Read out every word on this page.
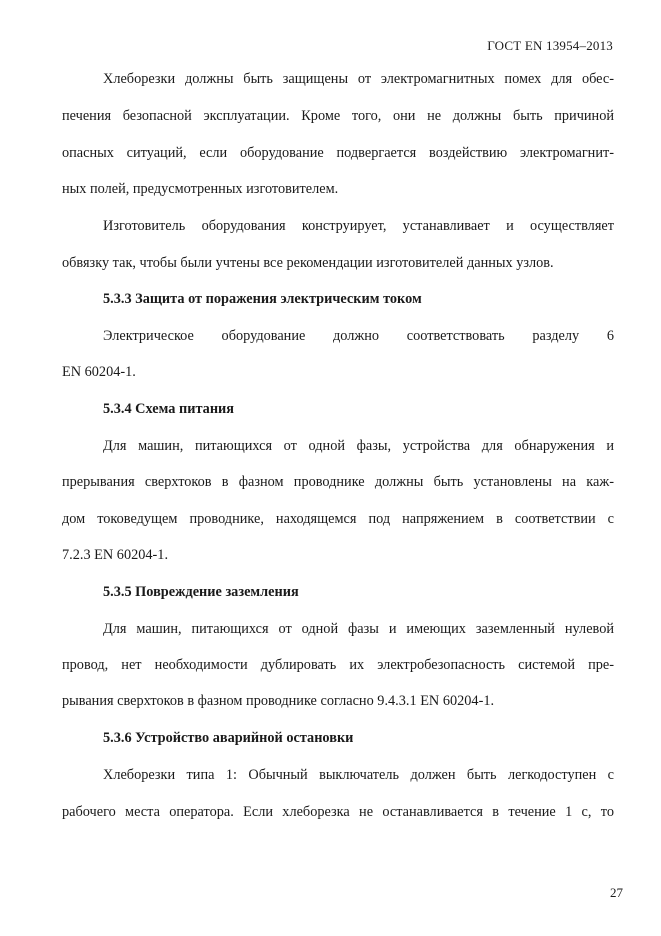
ГОСТ EN 13954–2013
Хлеборезки должны быть защищены от электромагнитных помех для обес-
печения безопасной эксплуатации. Кроме того, они не должны быть причиной
опасных ситуаций, если оборудование подвергается воздействию электромагнит-
ных полей, предусмотренных изготовителем.
Изготовитель оборудования конструирует, устанавливает и осуществляет
обвязку так, чтобы были учтены все рекомендации изготовителей данных узлов.
5.3.3 Защита от поражения электрическим током
Электрическое оборудование должно соответствовать разделу 6
EN 60204-1.
5.3.4 Схема питания
Для машин, питающихся от одной фазы, устройства для обнаружения и
прерывания сверхтоков в фазном проводнике должны быть установлены на каж-
дом токоведущем проводнике, находящемся под напряжением в соответствии с
7.2.3 EN 60204-1.
5.3.5 Повреждение заземления
Для машин, питающихся от одной фазы и имеющих заземленный нулевой
провод, нет необходимости дублировать их электробезопасность системой пре-
рывания сверхтоков в фазном проводнике согласно 9.4.3.1 EN 60204-1.
5.3.6 Устройство аварийной остановки
Хлеборезки типа 1: Обычный выключатель должен быть легкодоступен с
рабочего места оператора. Если хлеборезка не останавливается в течение 1 с, то
27
